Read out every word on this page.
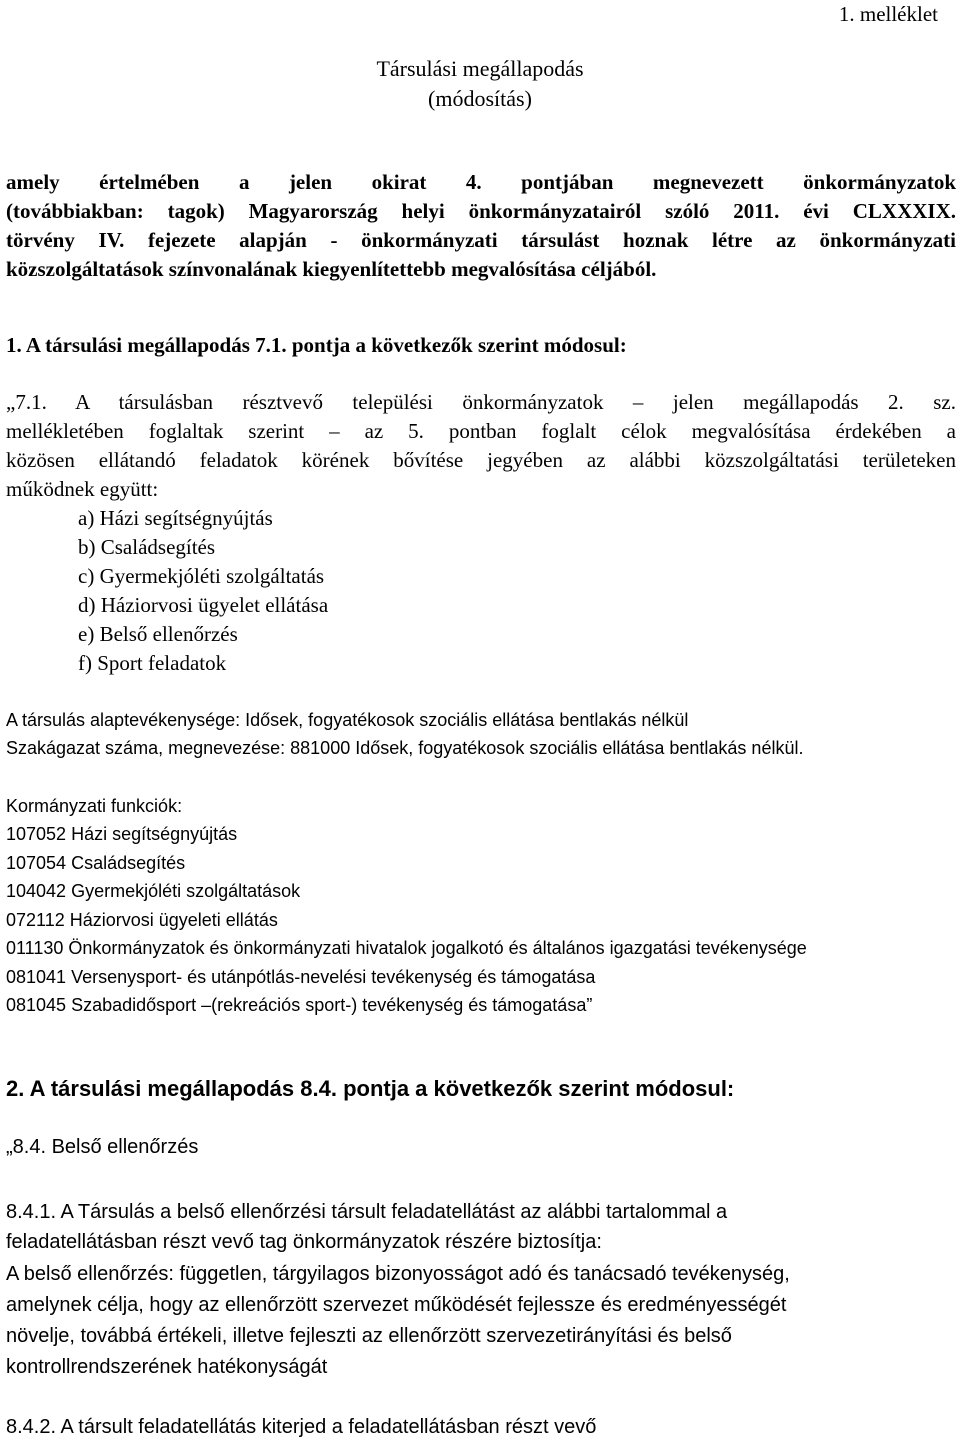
1. melléklet
Társulási megállapodás
(módosítás)
amely értelmében a jelen okirat 4. pontjában megnevezett önkormányzatok
(továbbiakban: tagok) Magyarország helyi önkormányzatairól szóló 2011. évi CLXXXIX.
törvény IV. fejezete alapján - önkormányzati társulást hoznak létre az önkormányzati
közszolgáltatások színvonalának kiegyenlítettebb megvalósítása céljából.
1. A társulási megállapodás 7.1. pontja a következők szerint módosul:
„7.1. A társulásban résztvevő települési önkormányzatok – jelen megállapodás 2. sz.
mellékletében foglaltak szerint – az 5. pontban foglalt célok megvalósítása érdekében a
közösen ellátandó feladatok körének bővítése jegyében az alábbi közszolgáltatási területeken
működnek együtt:
a) Házi segítségnyújtás
b) Családsegítés
c) Gyermekjóléti szolgáltatás
d) Háziorvosi ügyelet ellátása
e) Belső ellenőrzés
f) Sport feladatok
A társulás alaptevékenysége: Idősek, fogyatékosok szociális ellátása bentlakás nélkül
Szakágazat száma, megnevezése: 881000 Idősek, fogyatékosok szociális ellátása bentlakás nélkül.
Kormányzati funkciók:
107052 Házi segítségnyújtás
107054 Családsegítés
104042 Gyermekjóléti szolgáltatások
072112 Háziorvosi ügyeleti ellátás
011130 Önkormányzatok és önkormányzati hivatalok jogalkotó és általános igazgatási tevékenysége
081041 Versenysport- és utánpótlás-nevelési tevékenység és támogatása
081045 Szabadidősport –(rekreációs sport-) tevékenység és támogatása”
2. A társulási megállapodás 8.4. pontja a következők szerint módosul:
„8.4. Belső ellenőrzés
8.4.1. A Társulás a belső ellenőrzési társult feladatellátást az alábbi tartalommal a
feladatellátásban részt vevő tag önkormányzatok részére biztosítja:
A belső ellenőrzés: független, tárgyilagos bizonyosságot adó és tanácsadó tevékenység,
amelynek célja, hogy az ellenőrzött szervezet működését fejlessze és eredményességét
növelje, továbbá értékeli, illetve fejleszti az ellenőrzött szervezetirányítási és belső
kontrollrendszerének hatékonyságát
8.4.2. A társult feladatellátás kiterjed a feladatellátásban részt vevő
